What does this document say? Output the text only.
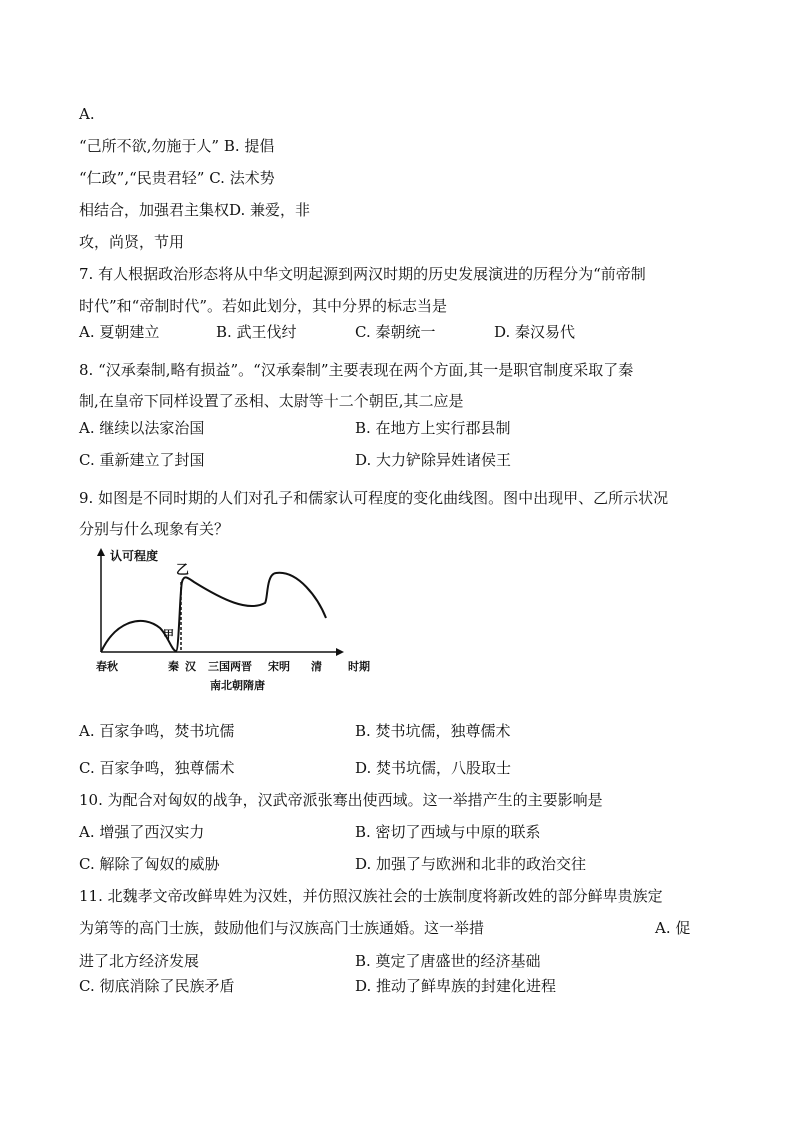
A.
“己所不欲,勿施于人” B. 提倡
“仁政”,“民贵君轻” C. 法术势
相结合，加强君主集权D. 兼爱，非
攻，尚贤，节用
7. 有人根据政治形态将从中华文明起源到两汉时期的历史发展演进的历程分为“前帝制
时代”和“帝制时代”。若如此划分，其中分界的标志当是
A. 夏朝建立	B. 武王伐纣	C. 秦朝统一	D. 秦汉易代
8. “汉承秦制,略有损益”。“汉承秦制”主要表现在两个方面,其一是职官制度采取了秦
制,在皇帝下同样设置了丞相、太尉等十二个朝臣,其二应是
A. 继续以法家治国	B. 在地方上实行郡县制
C. 重新建立了封国	D. 大力铲除异姓诸侯王
9. 如图是不同时期的人们对孔子和儒家认可程度的变化曲线图。图中出现甲、乙所示状况
分别与什么现象有关？
认可程度
乙
甲
春秋	秦 汉 三国两晋 宋明 清 时期
南北朝隋唐
A. 百家争鸣，焚书坑儒	B. 焚书坑儒，独尊儒术
C. 百家争鸣，独尊儒术	D. 焚书坑儒，八股取士
10. 为配合对匈奴的战争，汉武帝派张骞出使西域。这一举措产生的主要影响是
A. 增强了西汉实力	B. 密切了西域与中原的联系
C. 解除了匈奴的威胁	D. 加强了与欧洲和北非的政治交往
11. 北魏孝文帝改鲜卑姓为汉姓，并仿照汉族社会的士族制度将新改姓的部分鲜卑贵族定
为第等的高门士族，鼓励他们与汉族高门士族通婚。这一举措	A. 促
进了北方经济发展	B. 奠定了唐盛世的经济基础
C. 彻底消除了民族矛盾	D. 推动了鲜卑族的封建化进程
